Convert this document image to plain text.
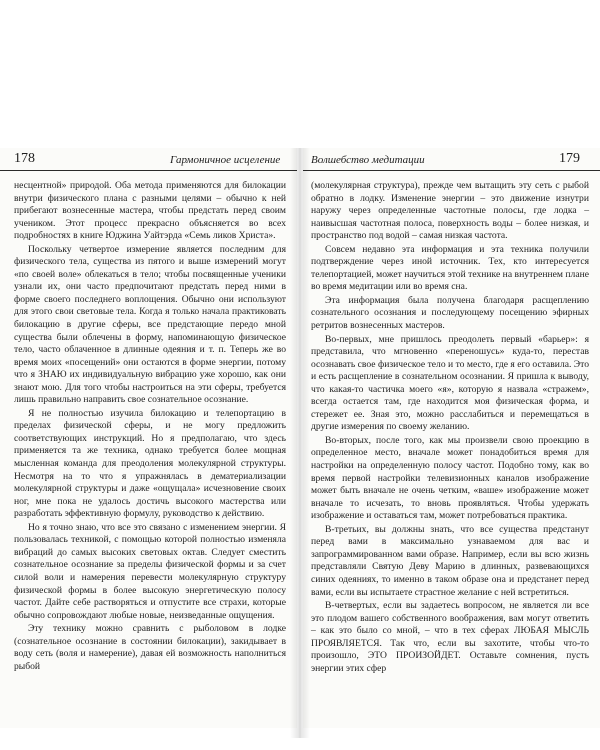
178	Гармоничное исцеление

несцентной» природой. Оба метода применяются для билокации внутри физического плана с разными целями – обычно к ней прибегают вознесенные мастера, чтобы предстать перед своим учеником. Этот процесс прекрасно объясняется во всех подробностях в книге Юджина Уайтэрда «Семь ликов Христа».

Поскольку четвертое измерение является последним для физического тела, существа из пятого и выше измерений могут «по своей воле» облекаться в тело; чтобы посвященные ученики узнали их, они часто предпочитают предстать перед ними в форме своего последнего воплощения. Обычно они используют для этого свои световые тела. Когда я только начала практиковать билокацию в другие сферы, все предстающие передо мной существа были облечены в форму, напоминающую физическое тело, часто облаченное в длинные одеяния и т. п. Теперь же во время моих «посещений» они остаются в форме энергии, потому что я ЗНАЮ их индивидуальную вибрацию уже хорошо, как они знают мою. Для того чтобы настроиться на эти сферы, требуется лишь правильно направить свое сознательное осознание.

Я не полностью изучила билокацию и телепортацию в пределах физической сферы, и не могу предложить соответствующих инструкций. Но я предполагаю, что здесь применяется та же техника, однако требуется более мощная мысленная команда для преодоления молекулярной структуры. Несмотря на то что я упражнялась в дематериализации молекулярной структуры и даже «ощущала» исчезновение своих ног, мне пока не удалось достичь высокого мастерства или разработать эффективную формулу, руководство к действию.

Но я точно знаю, что все это связано с изменением энергии. Я пользовалась техникой, с помощью которой полностью изменяла вибраций до самых высоких световых октав. Следует сместить сознательное осознание за пределы физической формы и за счет силой воли и намерения перевести молекулярную структуру физической формы в более высокую энергетическую полосу частот. Дайте себе растворяться и отпустите все страхи, которые обычно сопровождают любые новые, неизведанные ощущения.

Эту технику можно сравнить с рыболовом в лодке (сознательное осознание в состоянии билокации), закидывает в воду сеть (воля и намерение), давая ей возможность наполниться рыбой

Волшебство медитации	179

(молекулярная структура), прежде чем вытащить эту сеть с рыбой обратно в лодку. Изменение энергии – это движение изнутри наружу через определенные частотные полосы, где лодка – наивысшая частотная полоса, поверхность воды – более низкая, и пространство под водой – самая низкая частота.

Совсем недавно эта информация и эта техника получили подтверждение через иной источник. Тех, кто интересуется телепортацией, может научиться этой технике на внутреннем плане во время медитации или во время сна.

Эта информация была получена благодаря расщеплению сознательного осознания и последующему посещению эфирных ретритов вознесенных мастеров.

Во-первых, мне пришлось преодолеть первый «барьер»: я представила, что мгновенно «переношусь» куда-то, перестав осознавать свое физическое тело и то место, где я его оставила. Это и есть расщепление в сознательном осознании. Я пришла к выводу, что какая-то частичка моего «я», которую я назвала «стражем», всегда остается там, где находится моя физическая форма, и стережет ее. Зная это, можно расслабиться и перемещаться в другие измерения по своему желанию.

Во-вторых, после того, как мы произвели свою проекцию в определенное место, вначале может понадобиться время для настройки на определенную полосу частот. Подобно тому, как во время первой настройки телевизионных каналов изображение может быть вначале не очень четким, «ваше» изображение может вначале то исчезать, то вновь проявляться. Чтобы удержать изображение и оставаться там, может потребоваться практика.

В-третьих, вы должны знать, что все существа предстанут перед вами в максимально узнаваемом для вас и запрограммированном вами образе. Например, если вы всю жизнь представляли Святую Деву Марию в длинных, развевающихся синих одеяниях, то именно в таком образе она и предстанет перед вами, если вы испытаете страстное желание с ней встретиться.

В-четвертых, если вы задаетесь вопросом, не является ли все это плодом вашего собственного воображения, вам могут ответить – как это было со мной, – что в тех сферах ЛЮБАЯ МЫСЛЬ ПРОЯВЛЯЕТСЯ. Так что, если вы захотите, чтобы что-то произошло, ЭТО ПРОИЗОЙДЕТ. Оставьте сомнения, пусть энергии этих сфер
